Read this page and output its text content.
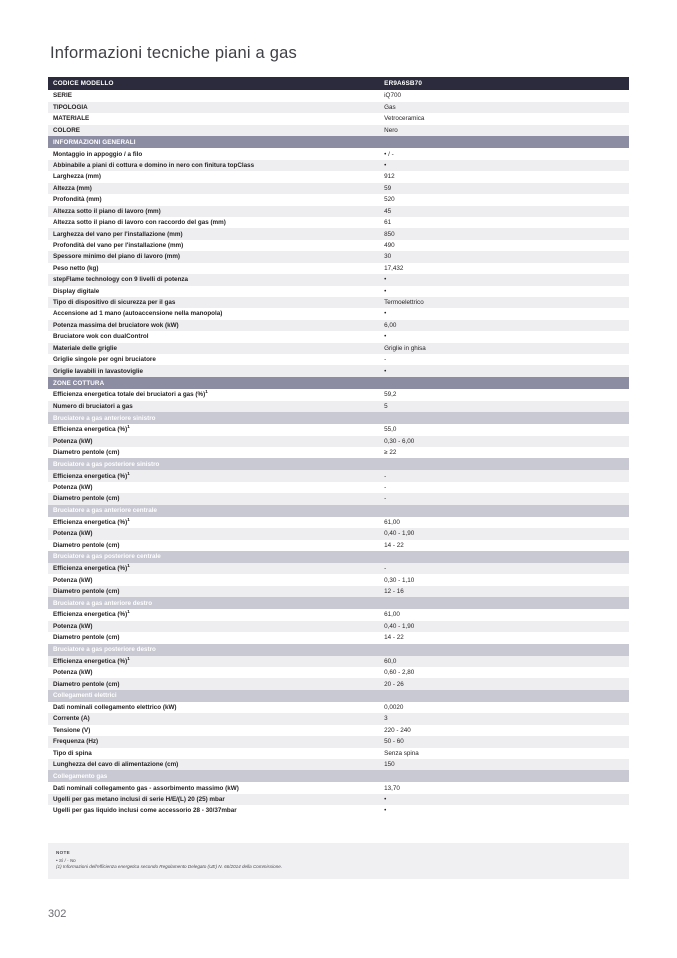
Informazioni tecniche piani a gas
CODICE MODELLO	ER9A6SB70
SERIE	iQ700
TIPOLOGIA	Gas
MATERIALE	Vetroceramica
COLORE	Nero
INFORMAZIONI GENERALI	
Montaggio in appoggio / a filo	• / -
Abbinabile a piani di cottura e domino in nero con finitura topClass	•
Larghezza (mm)	912
Altezza (mm)	59
Profondità (mm)	520
Altezza sotto il piano di lavoro (mm)	45
Altezza sotto il piano di lavoro con raccordo del gas (mm)	61
Larghezza del vano per l'installazione (mm)	850
Profondità del vano per l'installazione (mm)	490
Spessore minimo del piano di lavoro (mm)	30
Peso netto (kg)	17,432
stepFlame technology con 9 livelli di potenza	•
Display digitale	•
Tipo di dispositivo di sicurezza per il gas	Termoelettrico
Accensione ad 1 mano (autoaccensione nella manopola)	•
Potenza massima del bruciatore wok (kW)	6,00
Bruciatore wok con dualControl	•
Materiale delle griglie	Griglie in ghisa
Griglie singole per ogni bruciatore	-
Griglie lavabili in lavastoviglie	•
ZONE COTTURA	
Efficienza energetica totale dei bruciatori a gas (%)$^1$	59,2
Numero di bruciatori a gas	5
Bruciatore a gas anteriore sinistro	
Efficienza energetica (%)$^1$	55,0
Potenza (kW)	0,30 - 6,00
Diametro pentole (cm)	≥ 22
Bruciatore a gas posteriore sinistro	
Efficienza energetica (%)$^1$	-
Potenza (kW)	-
Diametro pentole (cm)	-
Bruciatore a gas anteriore centrale	
Efficienza energetica (%)$^1$	61,00
Potenza (kW)	0,40 - 1,90
Diametro pentole (cm)	14 - 22
Bruciatore a gas posteriore centrale	
Efficienza energetica (%)$^1$	-
Potenza (kW)	0,30 - 1,10
Diametro pentole (cm)	12 - 16
Bruciatore a gas anteriore destro	
Efficienza energetica (%)$^1$	61,00
Potenza (kW)	0,40 - 1,90
Diametro pentole (cm)	14 - 22
Bruciatore a gas posteriore destro	
Efficienza energetica (%)$^1$	60,0
Potenza (kW)	0,60 - 2,80
Diametro pentole (cm)	20 - 26
Collegamenti elettrici	
Dati nominali collegamento elettrico (kW)	0,0020
Corrente (A)	3
Tensione (V)	220 - 240
Frequenza (Hz)	50 - 60
Tipo di spina	Senza spina
Lunghezza del cavo di alimentazione (cm)	150
Collegamento gas	
Dati nominali collegamento gas - assorbimento massimo (kW)	13,70
Ugelli per gas metano inclusi di serie H/E/(L) 20 (25) mbar	•
Ugelli per gas liquido inclusi come accessorio 28 - 30/37mbar	•
NOTE
• Sì / - No
(1) Informazioni dell'efficienza energetica secondo Regolamento Delegato (UE) N. 66/2014 della Commissione.
302
